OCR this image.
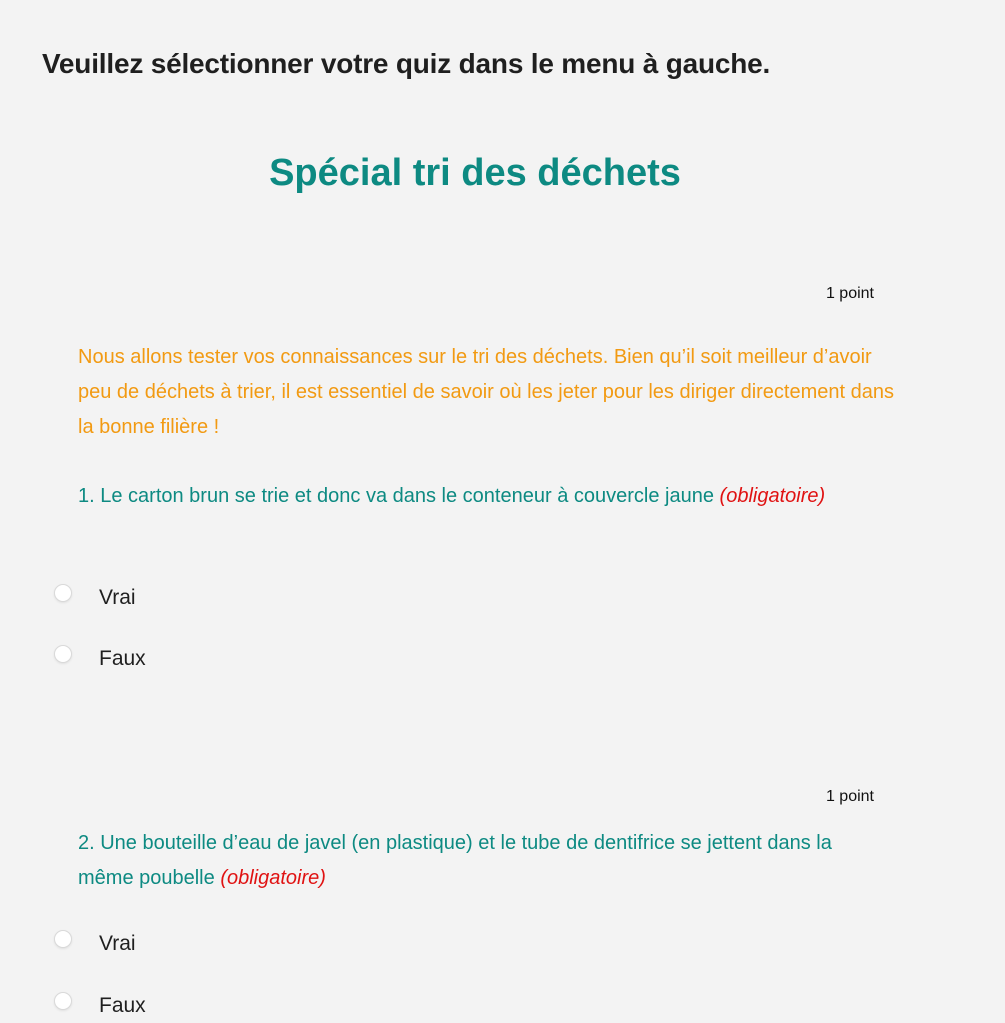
Veuillez sélectionner votre quiz dans le menu à gauche.
Spécial tri des déchets
1 point
Nous allons tester vos connaissances sur le tri des déchets. Bien qu’il soit meilleur d’avoir peu de déchets à trier, il est essentiel de savoir où les jeter pour les diriger directement dans la bonne filière !
1. Le carton brun se trie et donc va dans le conteneur à couvercle jaune (obligatoire)
Vrai
Faux
1 point
2. Une bouteille d’eau de javel (en plastique) et le tube de dentifrice se jettent dans la même poubelle (obligatoire)
Vrai
Faux
